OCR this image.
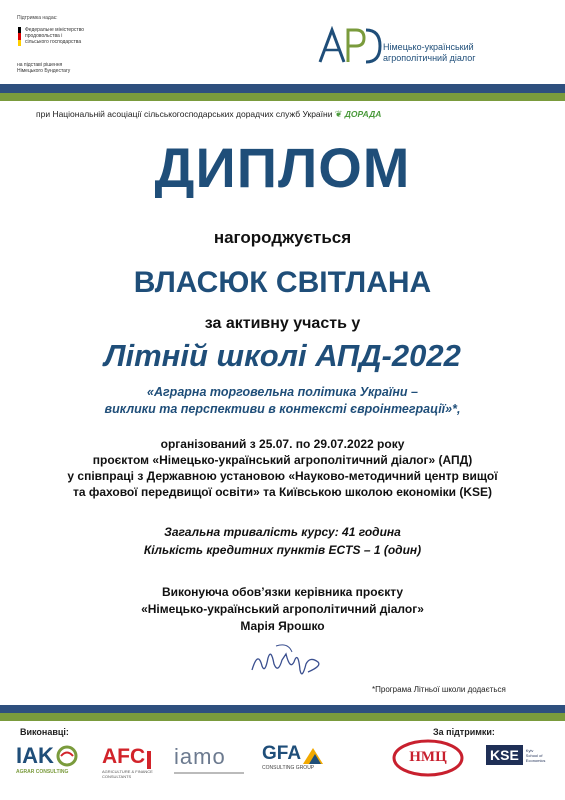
Підтримка надає:
Федеральне міністерство
продовольства і
сільського господарства
на підставі рішення
Німецького Бундестагу
Німецько-український
агрополітичний діалог
при Національній асоціації сільськогосподарських дорадчих служб України ❦ ДОРАДА
ДИПЛОМ
нагороджується
ВЛАСЮК СВІТЛАНА
за активну участь у
Літній школі АПД-2022
«Аграрна торговельна політика України –
виклики та перспективи в контексті євроінтеграції»*,
організований з 25.07. по 29.07.2022 року
проєктом «Німецько-український агрополітичний діалог» (АПД)
у співпраці з Державною установою «Науково-методичний центр вищої
та фахової передвищої освіти» та Київською школою економіки (KSE)
Загальна тривалість курсу: 41 година
Кількість кредитних пунктів ECTS – 1 (один)
Виконуюча обов’язки керівника проєкту
«Німецько-український агрополітичний діалог»
Марія Ярошко
*Програма Літньої школи додається
Виконавці:	За підтримки:
IAK
AGRAR CONSULTING
AFC
AGRICULTURE & FINANCE CONSULTANTS
iamo	GFA
CONSULTING GROUP
НМЦ	KSE	Kyiv
School of
Economics
